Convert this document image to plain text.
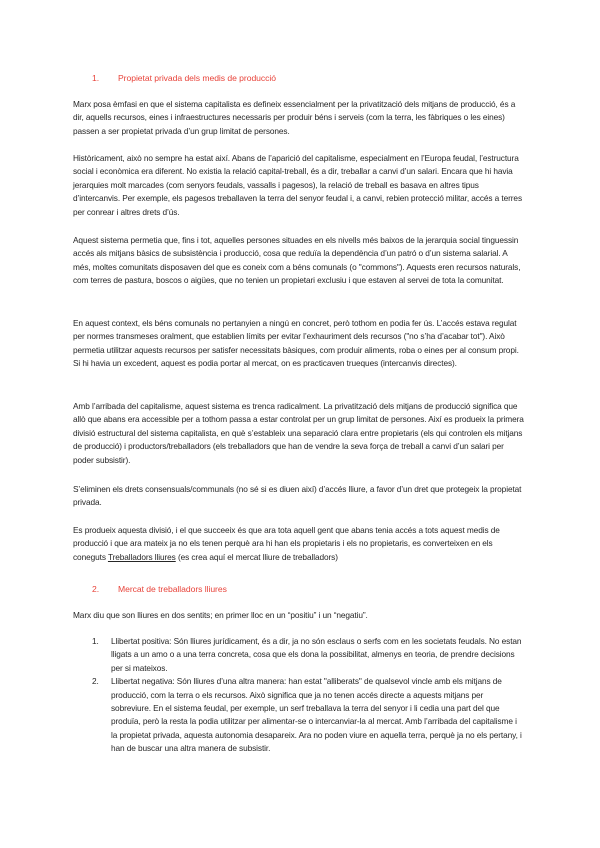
1. Propietat privada dels medis de producció

Marx posa èmfasi en que el sistema capitalista es defineix essencialment per la privatització dels mitjans de producció, és a dir, aquells recursos, eines i infraestructures necessaris per produir béns i serveis (com la terra, les fàbriques o les eines) passen a ser propietat privada d’un grup limitat de persones.

Històricament, això no sempre ha estat així. Abans de l’aparició del capitalisme, especialment en l’Europa feudal, l’estructura social i econòmica era diferent. No existia la relació capital-treball, és a dir, treballar a canvi d’un salari. Encara que hi havia jerarquies molt marcades (com senyors feudals, vassalls i pagesos), la relació de treball es basava en altres tipus d’intercanvis. Per exemple, els pagesos treballaven la terra del senyor feudal i, a canvi, rebien protecció militar, accés a terres per conrear i altres drets d’ús.

Aquest sistema permetia que, fins i tot, aquelles persones situades en els nivells més baixos de la jerarquia social tinguessin accés als mitjans bàsics de subsistència i producció, cosa que reduïa la dependència d’un patró o d’un sistema salarial. A més, moltes comunitats disposaven del que es coneix com a béns comunals (o "commons"). Aquests eren recursos naturals, com terres de pastura, boscos o aigües, que no tenien un propietari exclusiu i que estaven al servei de tota la comunitat.

En aquest context, els béns comunals no pertanyien a ningú en concret, però tothom en podia fer ús. L’accés estava regulat per normes transmeses oralment, que establien límits per evitar l’exhauriment dels recursos ("no s’ha d’acabar tot"). Això permetia utilitzar aquests recursos per satisfer necessitats bàsiques, com produir aliments, roba o eines per al consum propi. Si hi havia un excedent, aquest es podia portar al mercat, on es practicaven trueques (intercanvis directes).

Amb l’arribada del capitalisme, aquest sistema es trenca radicalment. La privatització dels mitjans de producció significa que allò que abans era accessible per a tothom passa a estar controlat per un grup limitat de persones. Així es produeix la primera divisió estructural del sistema capitalista, en què s’estableix una separació clara entre propietaris (els qui controlen els mitjans de producció) i productors/treballadors (els treballadors que han de vendre la seva força de treball a canvi d’un salari per poder subsistir).

S’eliminen els drets consensuals/communals (no sé si es diuen així) d’accés lliure, a favor d’un dret que protegeix la propietat privada.

Es produeix aquesta divisió, i el que succeeix és que ara tota aquell gent que abans tenia accés a tots aquest medis de producció i que ara mateix ja no els tenen perquè ara hi han els propietaris i els no propietaris, es converteixen en els coneguts Treballadors lliures (es crea aquí el mercat lliure de treballadors)

2. Mercat de treballadors lliures

Marx diu que son lliures en dos sentits; en primer lloc en un “positiu” i un “negatiu”.

1. Llibertat positiva: Són lliures jurídicament, és a dir, ja no són esclaus o serfs com en les societats feudals. No estan lligats a un amo o a una terra concreta, cosa que els dona la possibilitat, almenys en teoria, de prendre decisions per si mateixos.
2. Llibertat negativa: Són lliures d’una altra manera: han estat "alliberats" de qualsevol vincle amb els mitjans de producció, com la terra o els recursos. Això significa que ja no tenen accés directe a aquests mitjans per sobreviure. En el sistema feudal, per exemple, un serf treballava la terra del senyor i li cedia una part del que produïa, però la resta la podia utilitzar per alimentar-se o intercanviar-la al mercat. Amb l’arribada del capitalisme i la propietat privada, aquesta autonomia desapareix. Ara no poden viure en aquella terra, perquè ja no els pertany, i han de buscar una altra manera de subsistir.
